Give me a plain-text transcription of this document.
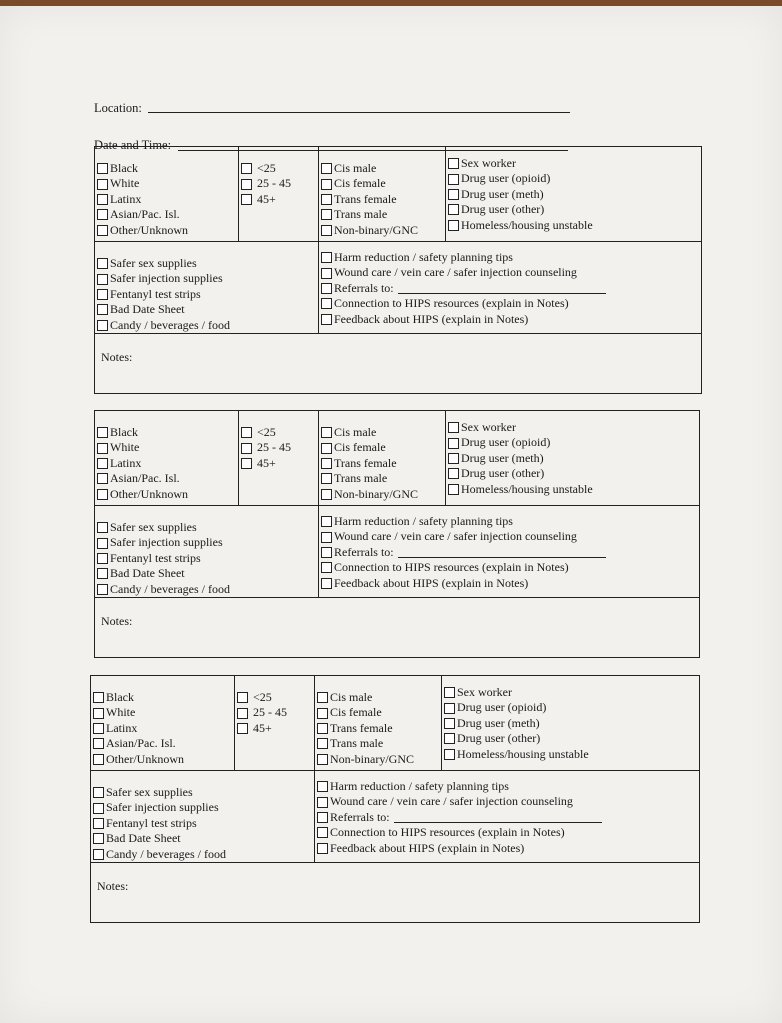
Location:
Date and Time:
Black
White
Latinx
Asian/Pac. Isl.
Other/Unknown
<25
25 - 45
45+
Cis male
Cis female
Trans female
Trans male
Non-binary/GNC
Sex worker
Drug user (opioid)
Drug user (meth)
Drug user (other)
Homeless/housing unstable
Safer sex supplies
Safer injection supplies
Fentanyl test strips
Bad Date Sheet
Candy / beverages / food
Harm reduction / safety planning tips
Wound care / vein care / safer injection counseling
Referrals to:
Connection to HIPS resources (explain in Notes)
Feedback about HIPS (explain in Notes)
Notes:
Black
White
Latinx
Asian/Pac. Isl.
Other/Unknown
<25
25 - 45
45+
Cis male
Cis female
Trans female
Trans male
Non-binary/GNC
Sex worker
Drug user (opioid)
Drug user (meth)
Drug user (other)
Homeless/housing unstable
Safer sex supplies
Safer injection supplies
Fentanyl test strips
Bad Date Sheet
Candy / beverages / food
Harm reduction / safety planning tips
Wound care / vein care / safer injection counseling
Referrals to:
Connection to HIPS resources (explain in Notes)
Feedback about HIPS (explain in Notes)
Notes:
Black
White
Latinx
Asian/Pac. Isl.
Other/Unknown
<25
25 - 45
45+
Cis male
Cis female
Trans female
Trans male
Non-binary/GNC
Sex worker
Drug user (opioid)
Drug user (meth)
Drug user (other)
Homeless/housing unstable
Safer sex supplies
Safer injection supplies
Fentanyl test strips
Bad Date Sheet
Candy / beverages / food
Harm reduction / safety planning tips
Wound care / vein care / safer injection counseling
Referrals to:
Connection to HIPS resources (explain in Notes)
Feedback about HIPS (explain in Notes)
Notes:
